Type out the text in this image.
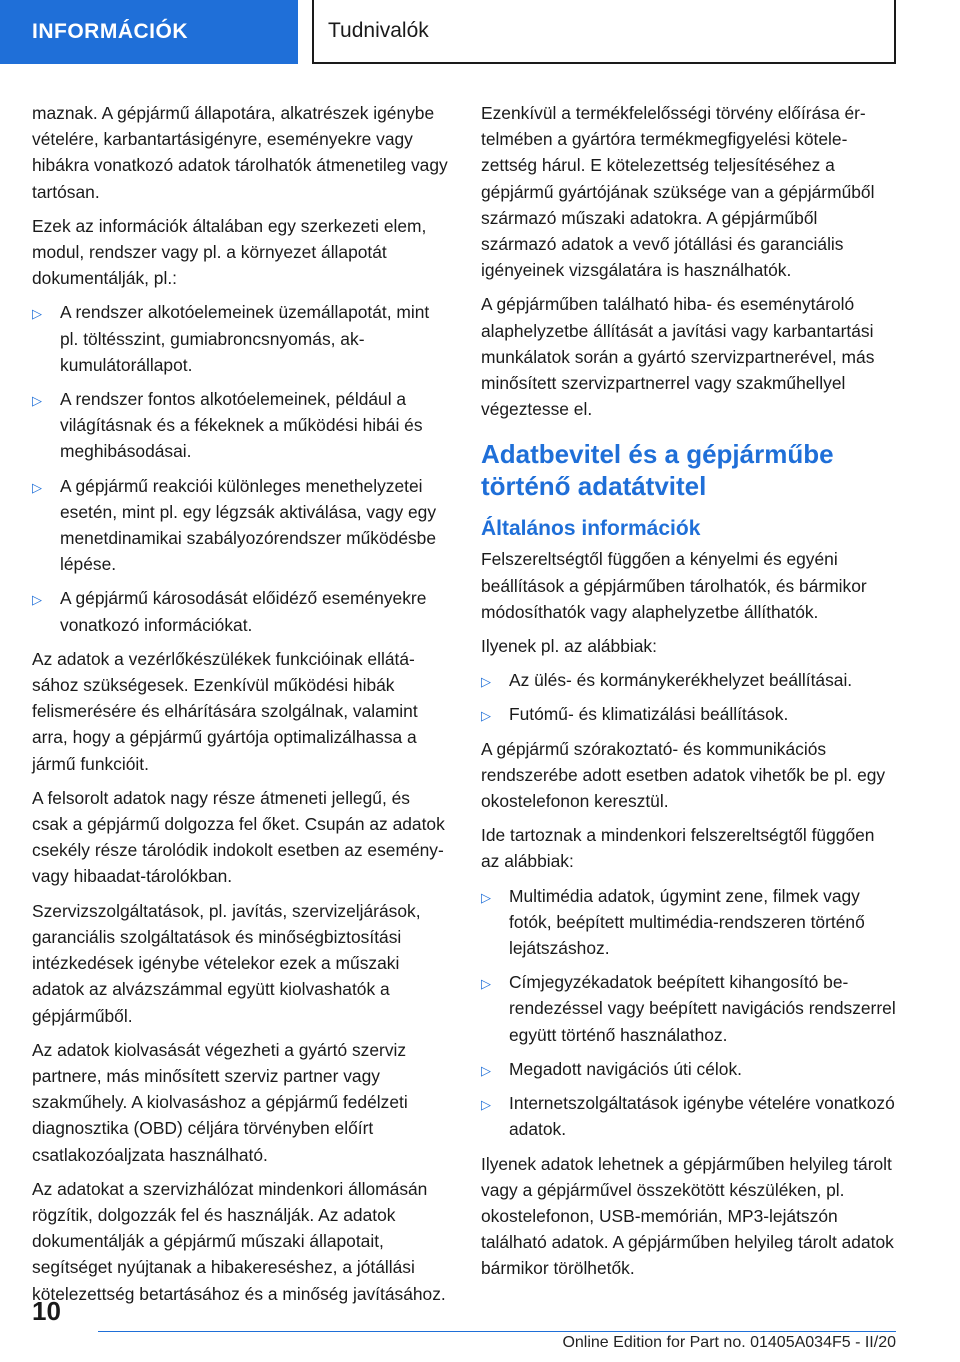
INFORMÁCIÓK	Tudnivalók

maznak. A gépjármű állapotára, alkatrészek igénybe vételére, karbantartásigényre, eseményekre vagy hibákra vonatkozó adatok tárolhatók átmenetileg vagy tartósan.

Ezek az információk általában egy szerkezeti elem, modul, rendszer vagy pl. a környezet állapotát dokumentálják, pl.:

▷ A rendszer alkotóelemeinek üzemállapotát, mint pl. töltésszint, gumiabroncsnyomás, akkumulátorállapot.
▷ A rendszer fontos alkotóelemeinek, például a világításnak és a fékeknek a működési hibái és meghibásodásai.
▷ A gépjármű reakciói különleges menethelyzetei esetén, mint pl. egy légzsák aktiválása, vagy egy menetdinamikai szabályozórendszer működésbe lépése.
▷ A gépjármű károsodását előidéző eseményekre vonatkozó információkat.

Az adatok a vezérlőkészülékek funkcióinak ellátásához szükségesek. Ezenkívül működési hibák felismerésére és elhárítására szolgálnak, valamint arra, hogy a gépjármű gyártója optimalizálhassa a jármű funkcióit.

A felsorolt adatok nagy része átmeneti jellegű, és csak a gépjármű dolgozza fel őket. Csupán az adatok csekély része tárolódik indokolt esetben az esemény- vagy hibaadat-tárolókban.

Szervizszolgáltatások, pl. javítás, szervizeljárások, garanciális szolgáltatások és minőségbiztosítási intézkedések igénybe vételekor ezek a műszaki adatok az alvázszámmal együtt kiolvashatók a gépjárműből.

Az adatok kiolvasását végezheti a gyártó szerviz partnere, más minősített szerviz partner vagy szakműhely. A kiolvasáshoz a gépjármű fedélzeti diagnosztika (OBD) céljára törvényben előírt csatlakozóaljzata használható.

Az adatokat a szervizhálózat mindenkori állomásán rögzítik, dolgozzák fel és használják. Az adatok dokumentálják a gépjármű műszaki állapotait, segítséget nyújtanak a hibakereséshez, a jótállási kötelezettség betartásához és a minőség javításához.

Ezenkívül a termékfelelősségi törvény előírása értelmében a gyártóra termékmegfigyelési kötelezettség hárul. E kötelezettség teljesítéséhez a gépjármű gyártójának szüksége van a gépjárműből származó műszaki adatokra. A gépjárműből származó adatok a vevő jótállási és garanciális igényeinek vizsgálatára is használhatók.

A gépjárműben található hiba- és eseménytároló alaphelyzetbe állítását a javítási vagy karbantartási munkálatok során a gyártó szervizpartnerével, más minősített szervizpartnerrel vagy szakműhellyel végeztesse el.

Adatbevitel és a gépjárműbe történő adatátvitel
Általános információk

Felszereltségtől függően a kényelmi és egyéni beállítások a gépjárműben tárolhatók, és bármikor módosíthatók vagy alaphelyzetbe állíthatók.

Ilyenek pl. az alábbiak:

▷ Az ülés- és kormánykerékhelyzet beállításai.
▷ Futómű- és klimatizálási beállítások.

A gépjármű szórakoztató- és kommunikációs rendszerébe adott esetben adatok vihetők be pl. egy okostelefonon keresztül.

Ide tartoznak a mindenkori felszereltségtől függően az alábbiak:

▷ Multimédia adatok, úgymint zene, filmek vagy fotók, beépített multimédia-rendszeren történő lejátszáshoz.
▷ Címjegyzékadatok beépített kihangosító berendezéssel vagy beépített navigációs rendszerrel együtt történő használathoz.
▷ Megadott navigációs úti célok.
▷ Internetszolgáltatások igénybe vételére vonatkozó adatok.

Ilyenek adatok lehetnek a gépjárműben helyileg tárolt vagy a gépjárművel összekötött készüléken, pl. okostelefonon, USB-memórián, MP3-lejátszón található adatok. A gépjárműben helyileg tárolt adatok bármikor törölhetők.

10
Online Edition for Part no. 01405A034F5 - II/20
